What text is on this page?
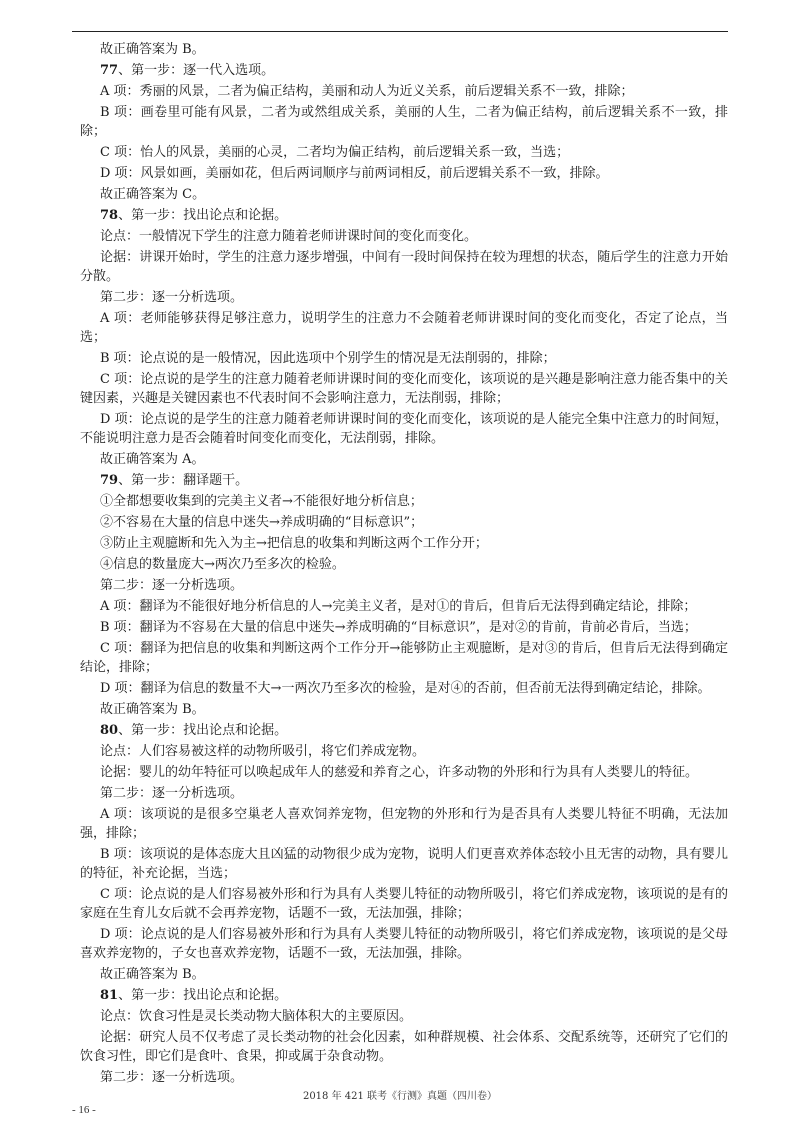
故正确答案为 B。
77、第一步：逐一代入选项。
A 项：秀丽的风景，二者为偏正结构，美丽和动人为近义关系，前后逻辑关系不一致，排除；
B 项：画卷里可能有风景，二者为或然组成关系，美丽的人生，二者为偏正结构，前后逻辑关系不一致，排除；
C 项：怡人的风景，美丽的心灵，二者均为偏正结构，前后逻辑关系一致，当选；
D 项：风景如画，美丽如花，但后两词顺序与前两词相反，前后逻辑关系不一致，排除。
故正确答案为 C。
78、第一步：找出论点和论据。
论点：一般情况下学生的注意力随着老师讲课时间的变化而变化。
论据：讲课开始时，学生的注意力逐步增强，中间有一段时间保持在较为理想的状态，随后学生的注意力开始分散。
第二步：逐一分析选项。
A 项：老师能够获得足够注意力，说明学生的注意力不会随着老师讲课时间的变化而变化，否定了论点，当选；
B 项：论点说的是一般情况，因此选项中个别学生的情况是无法削弱的，排除；
C 项：论点说的是学生的注意力随着老师讲课时间的变化而变化，该项说的是兴趣是影响注意力能否集中的关键因素，兴趣是关键因素也不代表时间不会影响注意力，无法削弱，排除；
D 项：论点说的是学生的注意力随着老师讲课时间的变化而变化，该项说的是人能完全集中注意力的时间短，不能说明注意力是否会随着时间变化而变化，无法削弱，排除。
故正确答案为 A。
79、第一步：翻译题干。
①全都想要收集到的完美主义者→不能很好地分析信息；
②不容易在大量的信息中迷失→养成明确的“目标意识”；
③防止主观臆断和先入为主→把信息的收集和判断这两个工作分开；
④信息的数量庞大→两次乃至多次的检验。
第二步：逐一分析选项。
A 项：翻译为不能很好地分析信息的人→完美主义者，是对①的肯后，但肯后无法得到确定结论，排除；
B 项：翻译为不容易在大量的信息中迷失→养成明确的“目标意识”，是对②的肯前，肯前必肯后，当选；
C 项：翻译为把信息的收集和判断这两个工作分开→能够防止主观臆断，是对③的肯后，但肯后无法得到确定结论，排除；
D 项：翻译为信息的数量不大→一两次乃至多次的检验，是对④的否前，但否前无法得到确定结论，排除。
故正确答案为 B。
80、第一步：找出论点和论据。
论点：人们容易被这样的动物所吸引，将它们养成宠物。
论据：婴儿的幼年特征可以唤起成年人的慈爱和养育之心，许多动物的外形和行为具有人类婴儿的特征。
第二步：逐一分析选项。
A 项：该项说的是很多空巢老人喜欢饲养宠物，但宠物的外形和行为是否具有人类婴儿特征不明确，无法加强，排除；
B 项：该项说的是体态庞大且凶猛的动物很少成为宠物，说明人们更喜欢养体态较小且无害的动物，具有婴儿的特征，补充论据，当选；
C 项：论点说的是人们容易被外形和行为具有人类婴儿特征的动物所吸引，将它们养成宠物，该项说的是有的家庭在生育儿女后就不会再养宠物，话题不一致，无法加强，排除；
D 项：论点说的是人们容易被外形和行为具有人类婴儿特征的动物所吸引，将它们养成宠物，该项说的是父母喜欢养宠物的，子女也喜欢养宠物，话题不一致，无法加强，排除。
故正确答案为 B。
81、第一步：找出论点和论据。
论点：饮食习性是灵长类动物大脑体积大的主要原因。
论据：研究人员不仅考虑了灵长类动物的社会化因素，如种群规模、社会体系、交配系统等，还研究了它们的饮食习性，即它们是食叶、食果，抑或属于杂食动物。
第二步：逐一分析选项。
2018 年 421 联考《行测》真题（四川卷）
- 16 -
